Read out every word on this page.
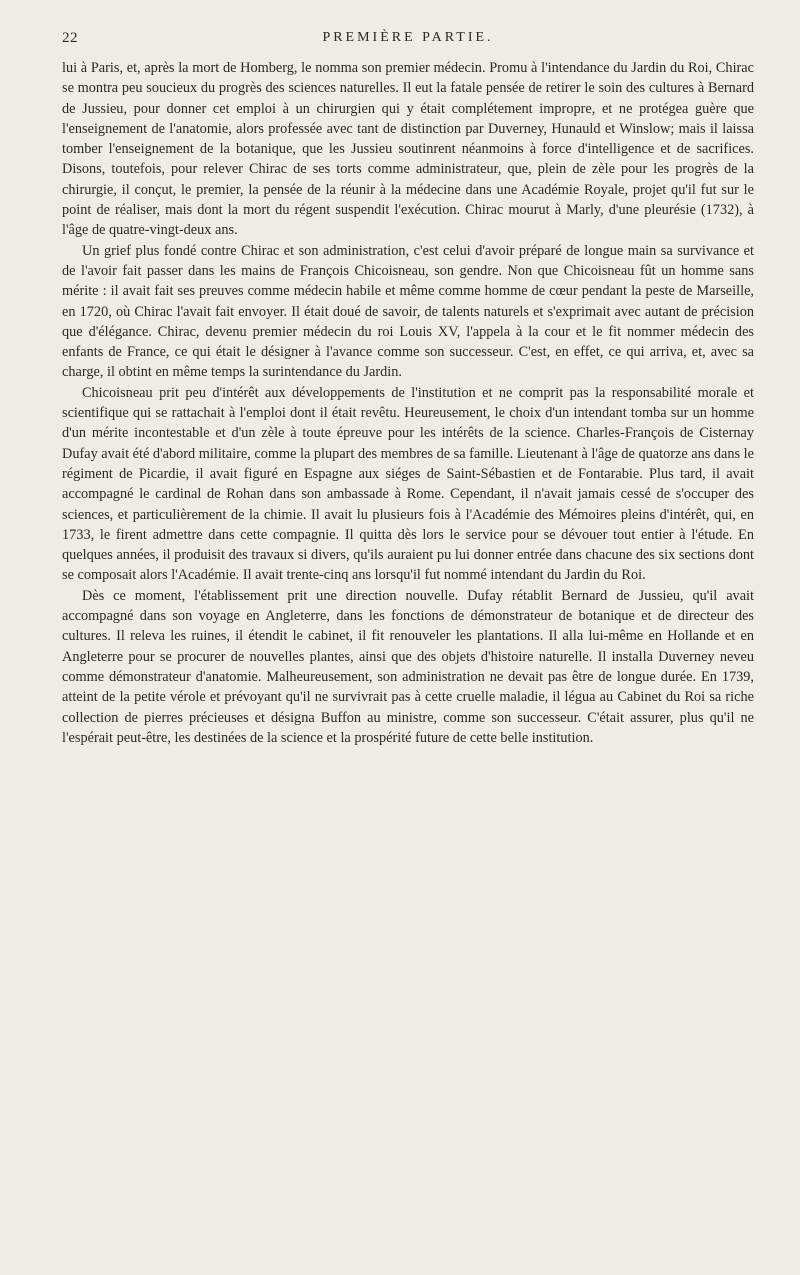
22	PREMIÈRE PARTIE.

lui à Paris, et, après la mort de Homberg, le nomma son premier médecin. Promu à l'intendance du Jardin du Roi, Chirac se montra peu soucieux du progrès des sciences naturelles. Il eut la fatale pensée de retirer le soin des cultures à Bernard de Jussieu, pour donner cet emploi à un chirurgien qui y était complétement impropre, et ne protégea guère que l'enseignement de l'anatomie, alors professée avec tant de distinction par Duverney, Hunauld et Winslow; mais il laissa tomber l'enseignement de la botanique, que les Jussieu soutinrent néanmoins à force d'intelligence et de sacrifices. Disons, toutefois, pour relever Chirac de ses torts comme administrateur, que, plein de zèle pour les progrès de la chirurgie, il conçut, le premier, la pensée de la réunir à la médecine dans une Académie Royale, projet qu'il fut sur le point de réaliser, mais dont la mort du régent suspendit l'exécution. Chirac mourut à Marly, d'une pleurésie (1732), à l'âge de quatre-vingt-deux ans.

Un grief plus fondé contre Chirac et son administration, c'est celui d'avoir préparé de longue main sa survivance et de l'avoir fait passer dans les mains de François Chicoisneau, son gendre. Non que Chicoisneau fût un homme sans mérite : il avait fait ses preuves comme médecin habile et même comme homme de cœur pendant la peste de Marseille, en 1720, où Chirac l'avait fait envoyer. Il était doué de savoir, de talents naturels et s'exprimait avec autant de précision que d'élégance. Chirac, devenu premier médecin du roi Louis XV, l'appela à la cour et le fit nommer médecin des enfants de France, ce qui était le désigner à l'avance comme son successeur. C'est, en effet, ce qui arriva, et, avec sa charge, il obtint en même temps la surintendance du Jardin.

Chicoisneau prit peu d'intérêt aux développements de l'institution et ne comprit pas la responsabilité morale et scientifique qui se rattachait à l'emploi dont il était revêtu. Heureusement, le choix d'un intendant tomba sur un homme d'un mérite incontestable et d'un zèle à toute épreuve pour les intérêts de la science. Charles-François de Cisternay Dufay avait été d'abord militaire, comme la plupart des membres de sa famille. Lieutenant à l'âge de quatorze ans dans le régiment de Picardie, il avait figuré en Espagne aux siéges de Saint-Sébastien et de Fontarabie. Plus tard, il avait accompagné le cardinal de Rohan dans son ambassade à Rome. Cependant, il n'avait jamais cessé de s'occuper des sciences, et particulièrement de la chimie. Il avait lu plusieurs fois à l'Académie des Mémoires pleins d'intérêt, qui, en 1733, le firent admettre dans cette compagnie. Il quitta dès lors le service pour se dévouer tout entier à l'étude. En quelques années, il produisit des travaux si divers, qu'ils auraient pu lui donner entrée dans chacune des six sections dont se composait alors l'Académie. Il avait trente-cinq ans lorsqu'il fut nommé intendant du Jardin du Roi.

Dès ce moment, l'établissement prit une direction nouvelle. Dufay rétablit Bernard de Jussieu, qu'il avait accompagné dans son voyage en Angleterre, dans les fonctions de démonstrateur de botanique et de directeur des cultures. Il releva les ruines, il étendit le cabinet, il fit renouveler les plantations. Il alla lui-même en Hollande et en Angleterre pour se procurer de nouvelles plantes, ainsi que des objets d'histoire naturelle. Il installa Duverney neveu comme démonstrateur d'anatomie. Malheureusement, son administration ne devait pas être de longue durée. En 1739, atteint de la petite vérole et prévoyant qu'il ne survivrait pas à cette cruelle maladie, il légua au Cabinet du Roi sa riche collection de pierres précieuses et désigna Buffon au ministre, comme son successeur. C'était assurer, plus qu'il ne l'espérait peut-être, les destinées de la science et la prospérité future de cette belle institution.
